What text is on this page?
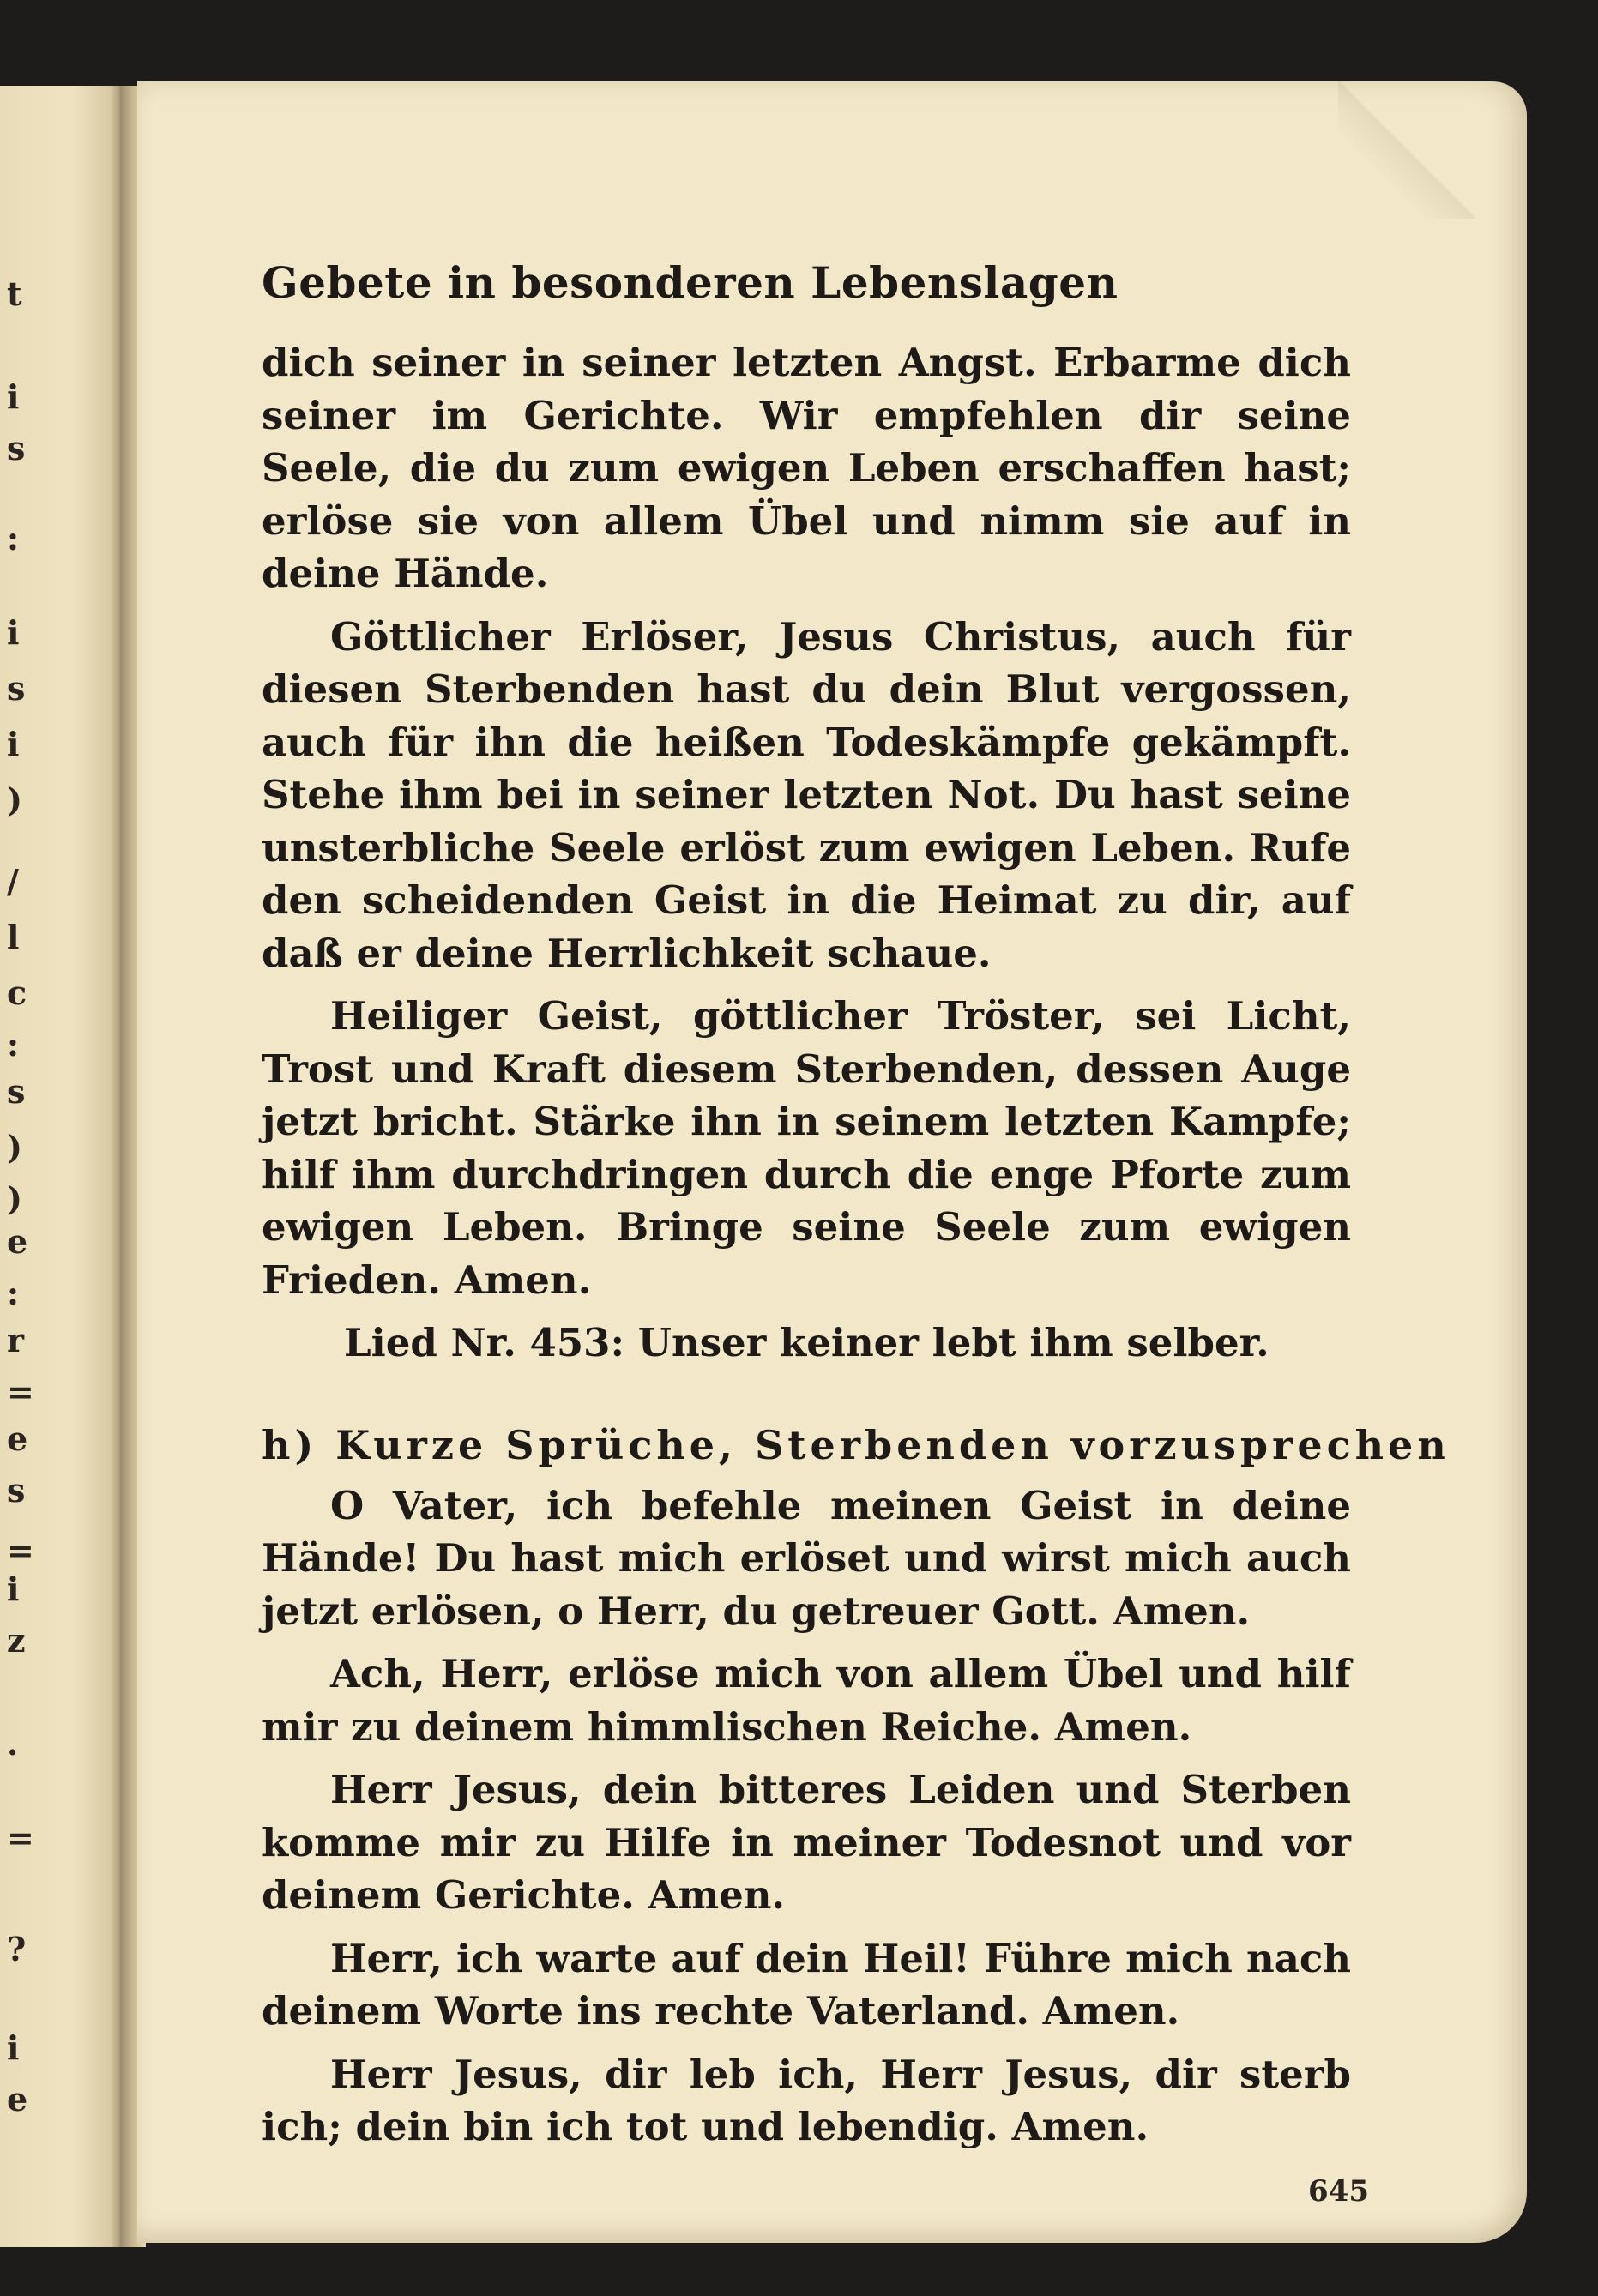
t
i
s
:
i
s
i
)
/
l
c
:
s
)
)
e
:
r
=
e
s
=
i
z
.
=
?
i
e
Gebete in besonderen Lebenslagen

dich seiner in seiner letzten Angst. Erbarme dich seiner im Gerichte. Wir empfehlen dir seine Seele, die du zum ewigen Leben erschaffen hast; erlöse sie von allem Übel und nimm sie auf in deine Hände.

Göttlicher Erlöser, Jesus Christus, auch für diesen Sterbenden hast du dein Blut vergossen, auch für ihn die heißen Todeskämpfe gekämpft. Stehe ihm bei in seiner letzten Not. Du hast seine unsterbliche Seele erlöst zum ewigen Leben. Rufe den scheidenden Geist in die Heimat zu dir, auf daß er deine Herrlichkeit schaue.

Heiliger Geist, göttlicher Tröster, sei Licht, Trost und Kraft diesem Sterbenden, dessen Auge jetzt bricht. Stärke ihn in seinem letzten Kampfe; hilf ihm durchdringen durch die enge Pforte zum ewigen Leben. Bringe seine Seele zum ewigen Frieden. Amen.

Lied Nr. 453: Unser keiner lebt ihm selber.
h) Kurze Sprüche, Sterbenden vorzusprechen

O Vater, ich befehle meinen Geist in deine Hände! Du hast mich erlöset und wirst mich auch jetzt erlösen, o Herr, du getreuer Gott. Amen.

Ach, Herr, erlöse mich von allem Übel und hilf mir zu deinem himmlischen Reiche. Amen.

Herr Jesus, dein bitteres Leiden und Sterben komme mir zu Hilfe in meiner Todesnot und vor deinem Gerichte. Amen.

Herr, ich warte auf dein Heil! Führe mich nach deinem Worte ins rechte Vaterland. Amen.

Herr Jesus, dir leb ich, Herr Jesus, dir sterb ich; dein bin ich tot und lebendig. Amen.

645
